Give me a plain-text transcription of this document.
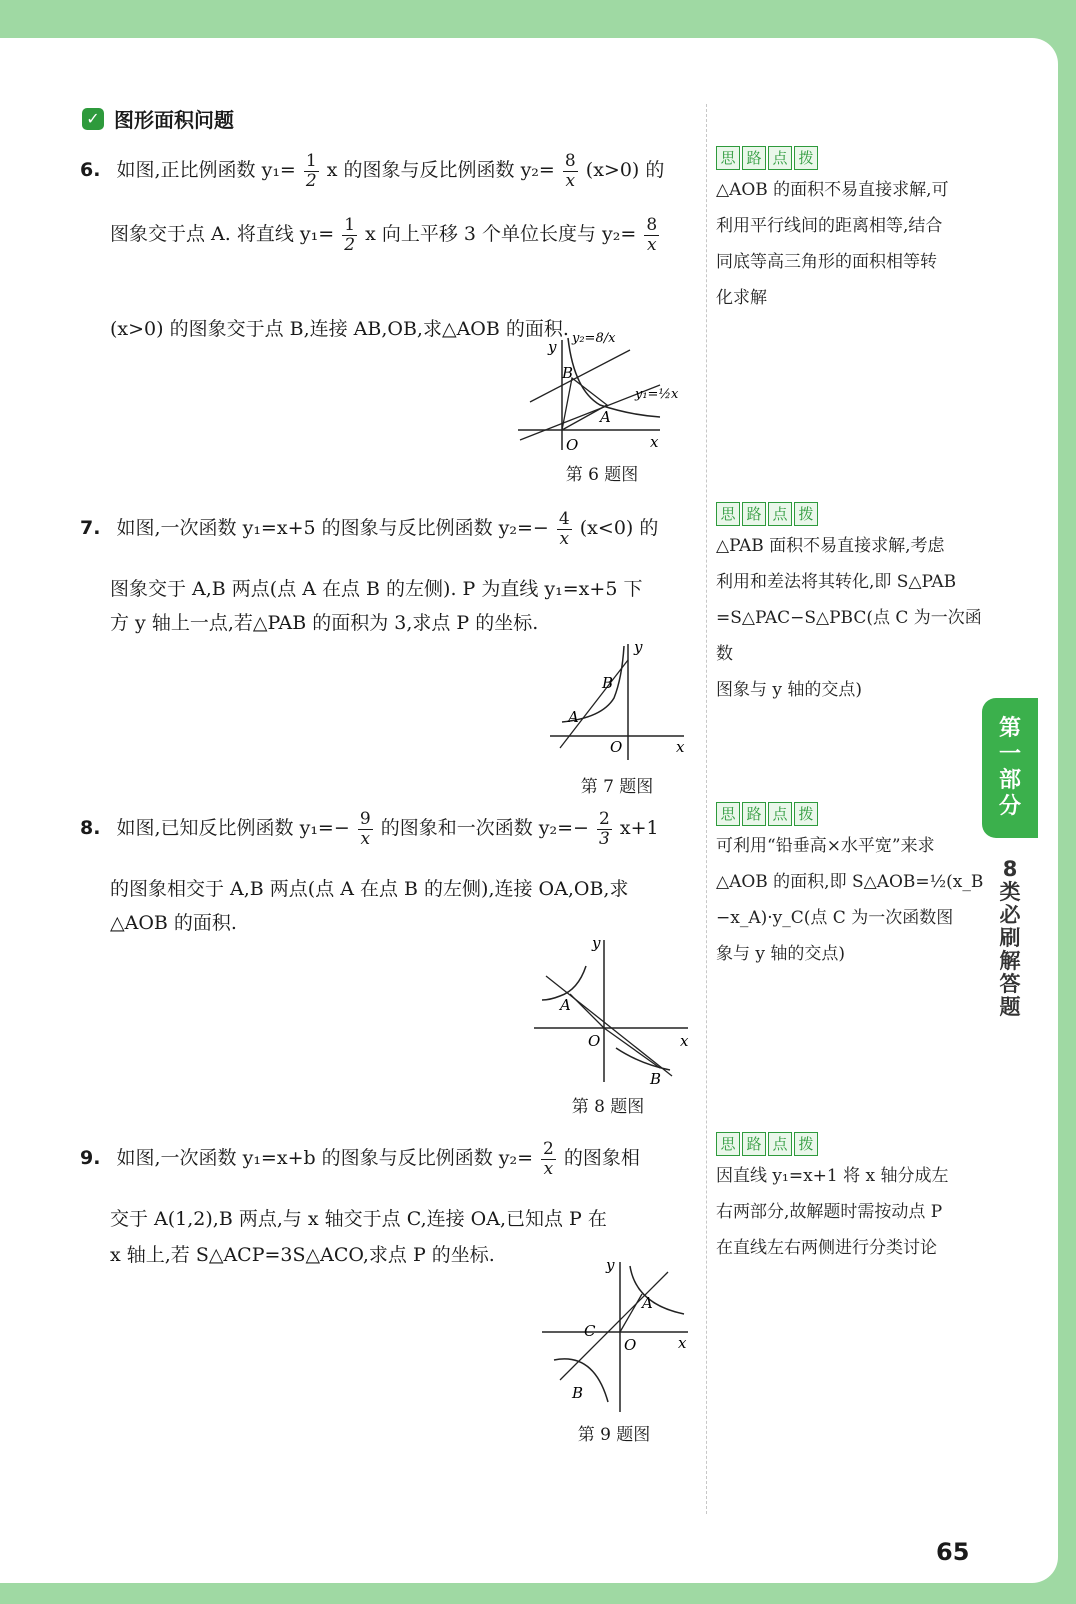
✓ 图形面积问题
6. 如图,正比例函数 $y_1= \frac{1}{2}$ x 的图象与反比例函数 $y_2= \frac{8}{x} (x>0)$ 的
图象交于点 A. 将直线 $y_1= \frac{1}{2}$ x 向上平移 3 个单位长度与 $y_2= \frac{8}{x}$
(x>0) 的图象交于点 B,连接 AB,OB,求△AOB 的面积.
y
x
O
A
B
y₂=8/x
y₁=½x
第 6 题图
7. 如图,一次函数 y₁=x+5 的图象与反比例函数 $y_2=- \frac{4}{x} (x<0)$ 的
图象交于 A,B 两点(点 A 在点 B 的左侧). P 为直线 y₁=x+5 下
方 y 轴上一点,若△PAB 的面积为 3,求点 P 的坐标.
y
x
O
A
B
第 7 题图
8. 如图,已知反比例函数 $y_1=- \frac{9}{x}$ 的图象和一次函数 $y_2=- \frac{2}{3} x+1$
的图象相交于 A,B 两点(点 A 在点 B 的左侧),连接 OA,OB,求
△AOB 的面积.
y
x
O
A
B
第 8 题图
9. 如图,一次函数 y₁=x+b 的图象与反比例函数 $y_2= \frac{2}{x}$ 的图象相
交于 A(1,2),B 两点,与 x 轴交于点 C,连接 OA,已知点 P 在
x 轴上,若 S△ACP=3S△ACO,求点 P 的坐标.	y
x
O
A
B
C
第 9 题图
思 路 点 拨
△AOB 的面积不易直接求解,可
利用平行线间的距离相等,结合
同底等高三角形的面积相等转
化求解
思 路 点 拨
△PAB 面积不易直接求解,考虑
利用和差法将其转化,即 S△PAB
=S△PAC−S△PBC(点 C 为一次函数
图象与 y 轴的交点)
思 路 点 拨
可利用“铅垂高×水平宽”来求
△AOB 的面积,即 S△AOB=½(x_B
−x_A)·y_C(点 C 为一次函数图
象与 y 轴的交点)
思 路 点 拨
因直线 y₁=x+1 将 x 轴分成左
右两部分,故解题时需按动点 P
在直线左右两侧进行分类讨论
第
一
部
分
8
类
必
刷
解
答
题
65
